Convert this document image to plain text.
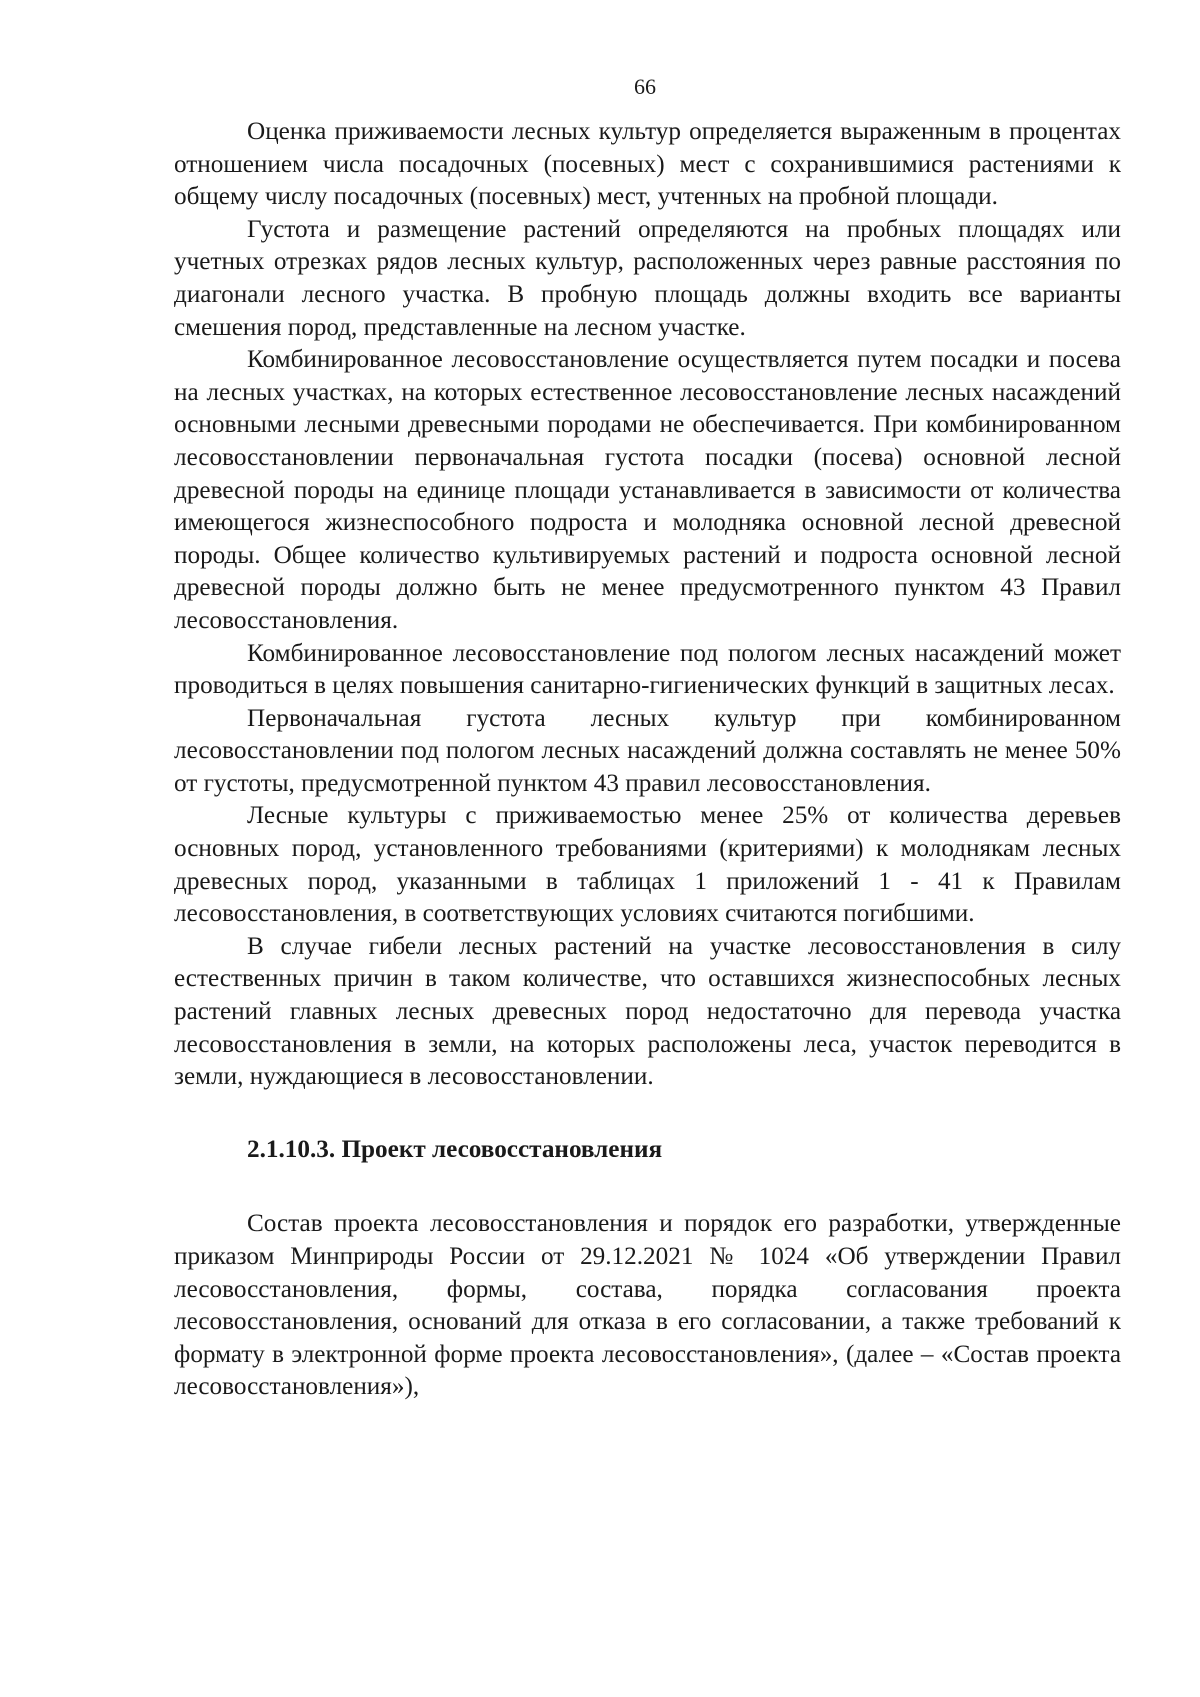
66

Оценка приживаемости лесных культур определяется выраженным в процентах отношением числа посадочных (посевных) мест с сохранившимися растениями к общему числу посадочных (посевных) мест, учтенных на пробной площади.

Густота и размещение растений определяются на пробных площадях или учетных отрезках рядов лесных культур, расположенных через равные расстояния по диагонали лесного участка. В пробную площадь должны входить все варианты смешения пород, представленные на лесном участке.

Комбинированное лесовосстановление осуществляется путем посадки и посева на лесных участках, на которых естественное лесовосстановление лесных насаждений основными лесными древесными породами не обеспечивается. При комбинированном лесовосстановлении первоначальная густота посадки (посева) основной лесной древесной породы на единице площади устанавливается в зависимости от количества имеющегося жизнеспособного подроста и молодняка основной лесной древесной породы. Общее количество культивируемых растений и подроста основной лесной древесной породы должно быть не менее предусмотренного пунктом 43 Правил лесовосстановления.

Комбинированное лесовосстановление под пологом лесных насаждений может проводиться в целях повышения санитарно-гигиенических функций в защитных лесах.

Первоначальная густота лесных культур при комбинированном лесовосстановлении под пологом лесных насаждений должна составлять не менее 50% от густоты, предусмотренной пунктом 43 правил лесовосстановления.

Лесные культуры с приживаемостью менее 25% от количества деревьев основных пород, установленного требованиями (критериями) к молоднякам лесных древесных пород, указанными в таблицах 1 приложений 1 - 41 к Правилам лесовосстановления, в соответствующих условиях считаются погибшими.

В случае гибели лесных растений на участке лесовосстановления в силу естественных причин в таком количестве, что оставшихся жизнеспособных лесных растений главных лесных древесных пород недостаточно для перевода участка лесовосстановления в земли, на которых расположены леса, участок переводится в земли, нуждающиеся в лесовосстановлении.

2.1.10.3. Проект лесовосстановления

Состав проекта лесовосстановления и порядок его разработки, утвержденные приказом Минприроды России от 29.12.2021 № 1024 «Об утверждении Правил лесовосстановления, формы, состава, порядка согласования проекта лесовосстановления, оснований для отказа в его согласовании, а также требований к формату в электронной форме проекта лесовосстановления», (далее – «Состав проекта лесовосстановления»),
